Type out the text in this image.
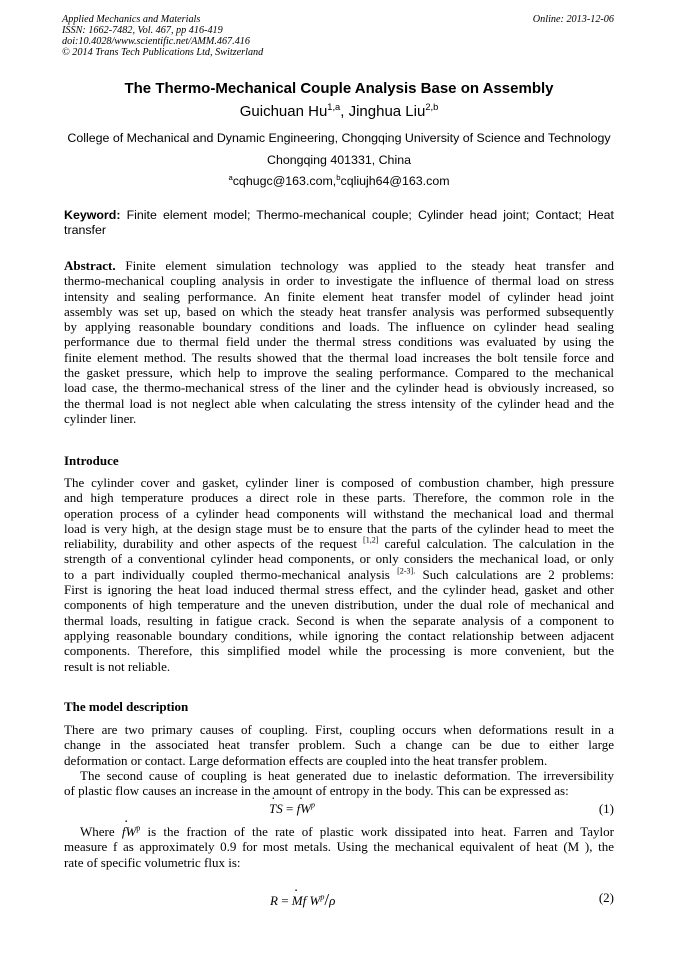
Applied Mechanics and Materials
ISSN: 1662-7482, Vol. 467, pp 416-419
doi:10.4028/www.scientific.net/AMM.467.416
© 2014 Trans Tech Publications Ltd, Switzerland
Online: 2013-12-06
The Thermo-Mechanical Couple Analysis Base on Assembly
Guichuan Hu$^{1,a}$, Jinghua Liu$^{2,b}$
College of Mechanical and Dynamic Engineering, Chongqing University of Science and Technology
Chongqing 401331, China
$^a$cqhugc@163.com,$^b$cqliujh64@163.com
Keyword: Finite element model; Thermo-mechanical couple; Cylinder head joint; Contact; Heat transfer
Abstract. Finite element simulation technology was applied to the steady heat transfer and
thermo-mechanical coupling analysis in order to investigate the influence of thermal load on stress
intensity and sealing performance. An finite element heat transfer model of cylinder head joint
assembly was set up, based on which the steady heat transfer analysis was performed subsequently
by applying reasonable boundary conditions and loads. The influence on cylinder head sealing
performance due to thermal field under the thermal stress conditions was evaluated by using the
finite element method. The results showed that the thermal load increases the bolt tensile force and
the gasket pressure, which help to improve the sealing performance. Compared to the mechanical
load case, the thermo-mechanical stress of the liner and the cylinder head is obviously increased, so
the thermal load is not neglect able when calculating the stress intensity of the cylinder head and the
cylinder liner.
Introduce
The cylinder cover and gasket, cylinder liner is composed of combustion chamber, high pressure
and high temperature produces a direct role in these parts. Therefore, the common role in the
operation process of a cylinder head components will withstand the mechanical load and thermal
load is very high, at the design stage must be to ensure that the parts of the cylinder head to meet the
reliability, durability and other aspects of the request [1,2] careful calculation. The calculation in the
strength of a conventional cylinder head components, or only considers the mechanical load, or only
to a part individually coupled thermo-mechanical analysis $^{[2-3].}$ Such calculations are 2 problems:
First is ignoring the heat load induced thermal stress effect, and the cylinder head, gasket and other
components of high temperature and the uneven distribution, under the dual role of mechanical and
thermal loads, resulting in fatigue crack. Second is when the separate analysis of a component to
applying reasonable boundary conditions, while ignoring the contact relationship between adjacent
components. Therefore, this simplified model while the processing is more convenient, but the
result is not reliable.
The model description
There are two primary causes of coupling. First, coupling occurs when deformations result in a
change in the associated heat transfer problem. Such a change can be due to either large
deformation or contact. Large deformation effects are coupled into the heat transfer problem.
The second cause of coupling is heat generated due to inelastic deformation. The irreversibility
of plastic flow causes an increase in the amount of entropy in the body. This can be expressed as:
TS · = fW ·$^p$	(1)
Where fW ·$^p$ is the fraction of the rate of plastic work dissipated into heat. Farren and Taylor
measure f as approximately 0.9 for most metals. Using the mechanical equivalent of heat (M ), the
rate of specific volumetric flux is:
R = Mf W ·$^p$/ρ	(2)
